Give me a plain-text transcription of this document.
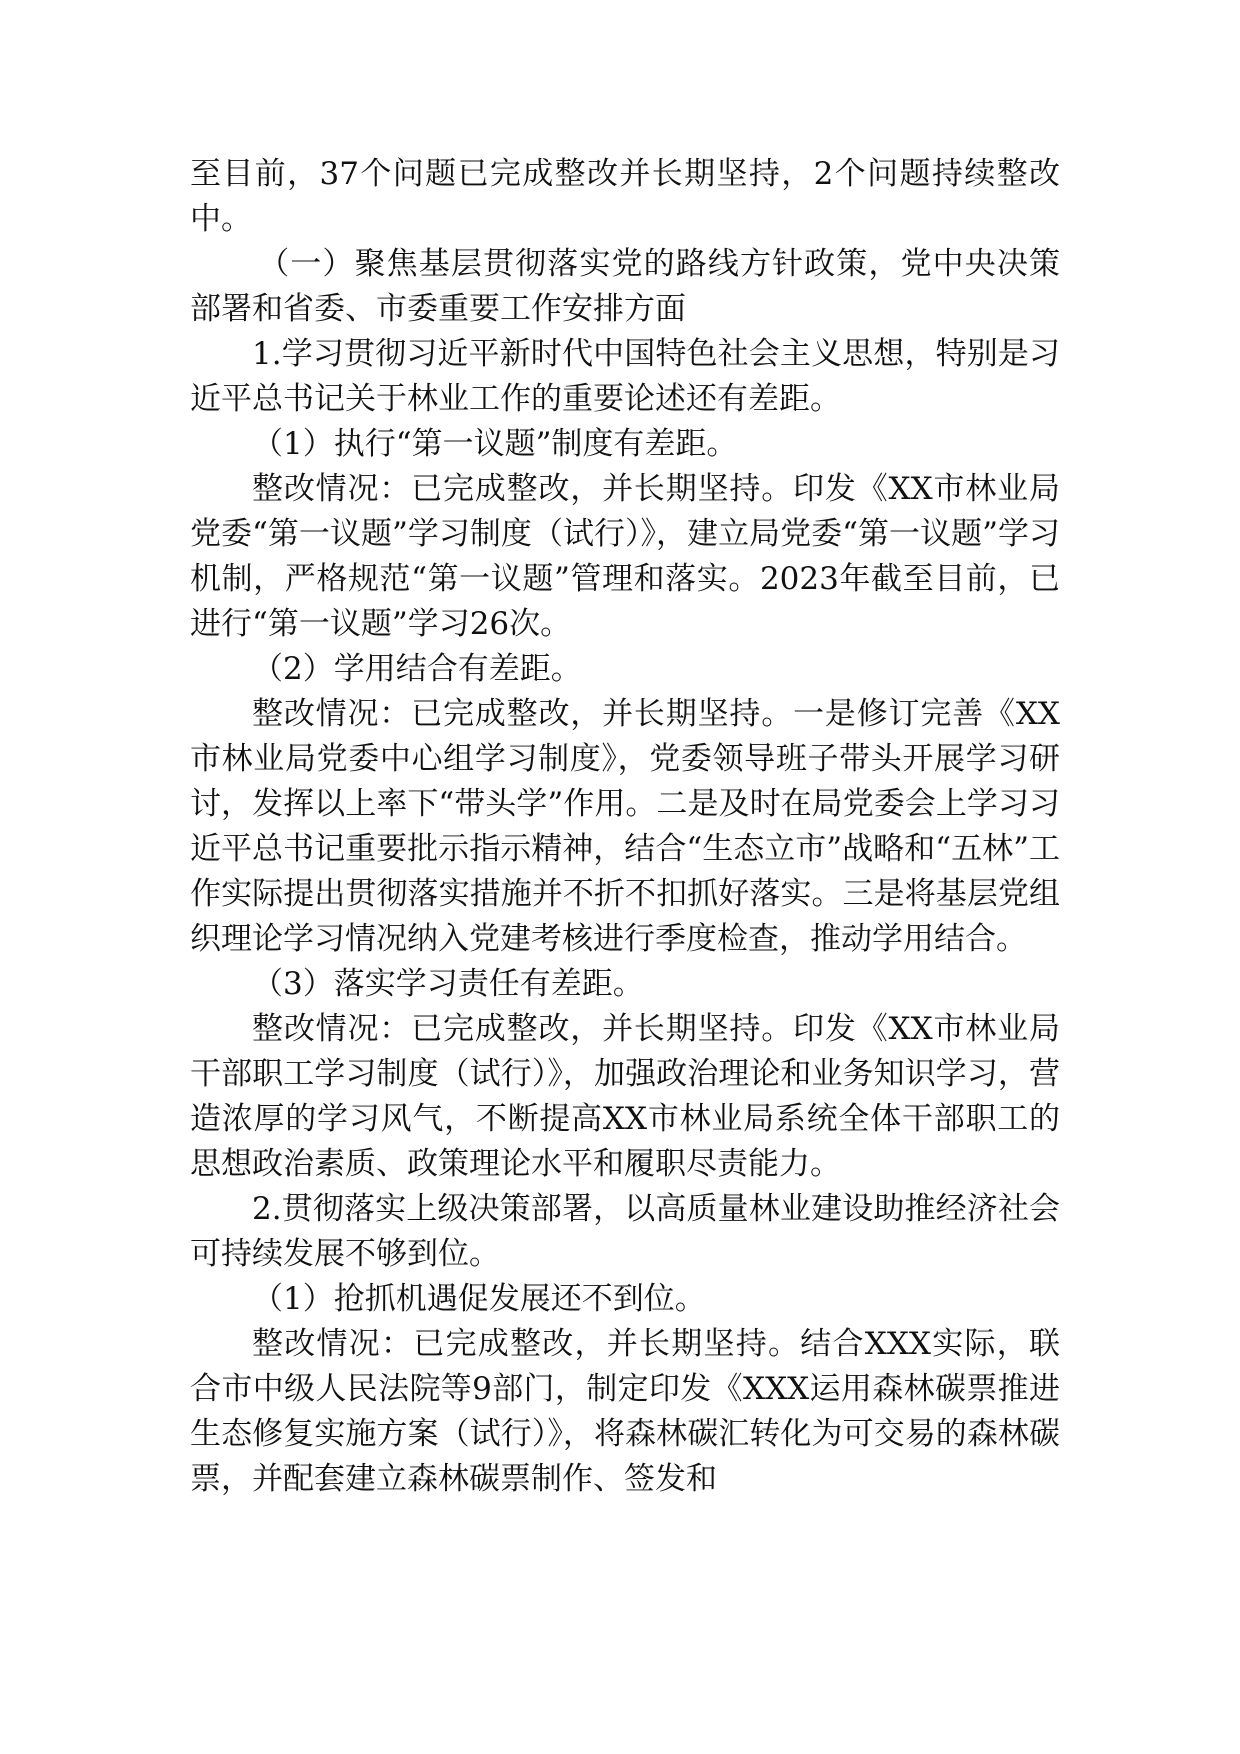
至目前，37个问题已完成整改并长期坚持，2个问题持续整改中。

（一）聚焦基层贯彻落实党的路线方针政策，党中央决策部署和省委、市委重要工作安排方面

1.学习贯彻习近平新时代中国特色社会主义思想，特别是习近平总书记关于林业工作的重要论述还有差距。

（1）执行“第一议题”制度有差距。

整改情况：已完成整改，并长期坚持。印发《XX市林业局党委“第一议题”学习制度（试行）》，建立局党委“第一议题”学习机制，严格规范“第一议题”管理和落实。2023年截至目前，已进行“第一议题”学习26次。

（2）学用结合有差距。

整改情况：已完成整改，并长期坚持。一是修订完善《XX市林业局党委中心组学习制度》，党委领导班子带头开展学习研讨，发挥以上率下“带头学”作用。二是及时在局党委会上学习习近平总书记重要批示指示精神，结合“生态立市”战略和“五林”工作实际提出贯彻落实措施并不折不扣抓好落实。三是将基层党组织理论学习情况纳入党建考核进行季度检查，推动学用结合。

（3）落实学习责任有差距。

整改情况：已完成整改，并长期坚持。印发《XX市林业局干部职工学习制度（试行）》，加强政治理论和业务知识学习，营造浓厚的学习风气，不断提高XX市林业局系统全体干部职工的思想政治素质、政策理论水平和履职尽责能力。

2.贯彻落实上级决策部署，以高质量林业建设助推经济社会可持续发展不够到位。

（1）抢抓机遇促发展还不到位。

整改情况：已完成整改，并长期坚持。结合XXX实际，联合市中级人民法院等9部门，制定印发《XXX运用森林碳票推进生态修复实施方案（试行）》，将森林碳汇转化为可交易的森林碳票，并配套建立森林碳票制作、签发和
